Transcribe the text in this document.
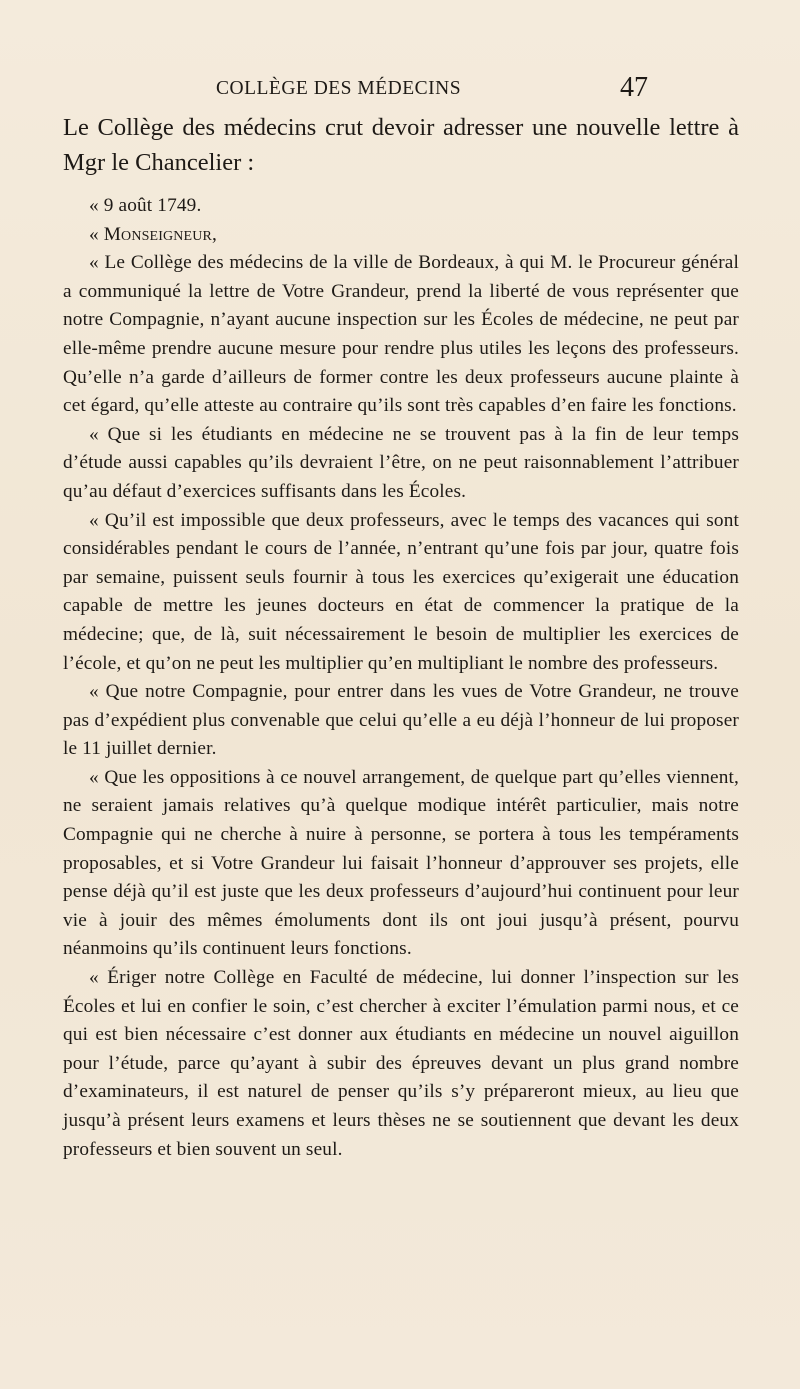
COLLÈGE DES MÉDECINS	47

Le Collège des médecins crut devoir adresser une nouvelle lettre à Mgr le Chancelier :

« 9 août 1749.

« Monseigneur,

« Le Collège des médecins de la ville de Bordeaux, à qui M. le Procureur général a communiqué la lettre de Votre Grandeur, prend la liberté de vous représenter que notre Compagnie, n’ayant aucune inspection sur les Écoles de médecine, ne peut par elle-même prendre aucune mesure pour rendre plus utiles les leçons des professeurs. Qu’elle n’a garde d’ailleurs de former contre les deux professeurs aucune plainte à cet égard, qu’elle atteste au contraire qu’ils sont très capables d’en faire les fonctions.

« Que si les étudiants en médecine ne se trouvent pas à la fin de leur temps d’étude aussi capables qu’ils devraient l’être, on ne peut raisonnablement l’attribuer qu’au défaut d’exercices suffisants dans les Écoles.

« Qu’il est impossible que deux professeurs, avec le temps des vacances qui sont considérables pendant le cours de l’année, n’entrant qu’une fois par jour, quatre fois par semaine, puissent seuls fournir à tous les exercices qu’exigerait une éducation capable de mettre les jeunes docteurs en état de commencer la pratique de la médecine; que, de là, suit nécessairement le besoin de multiplier les exercices de l’école, et qu’on ne peut les multiplier qu’en multipliant le nombre des professeurs.

« Que notre Compagnie, pour entrer dans les vues de Votre Grandeur, ne trouve pas d’expédient plus convenable que celui qu’elle a eu déjà l’honneur de lui proposer le 11 juillet dernier.

« Que les oppositions à ce nouvel arrangement, de quelque part qu’elles viennent, ne seraient jamais relatives qu’à quelque modique intérêt particulier, mais notre Compagnie qui ne cherche à nuire à personne, se portera à tous les tempéraments proposables, et si Votre Grandeur lui faisait l’honneur d’approuver ses projets, elle pense déjà qu’il est juste que les deux professeurs d’aujourd’hui continuent pour leur vie à jouir des mêmes émoluments dont ils ont joui jusqu’à présent, pourvu néanmoins qu’ils continuent leurs fonctions.

« Ériger notre Collège en Faculté de médecine, lui donner l’inspection sur les Écoles et lui en confier le soin, c’est chercher à exciter l’émulation parmi nous, et ce qui est bien nécessaire c’est donner aux étudiants en médecine un nouvel aiguillon pour l’étude, parce qu’ayant à subir des épreuves devant un plus grand nombre d’examinateurs, il est naturel de penser qu’ils s’y prépareront mieux, au lieu que jusqu’à présent leurs examens et leurs thèses ne se soutiennent que devant les deux professeurs et bien souvent un seul.
